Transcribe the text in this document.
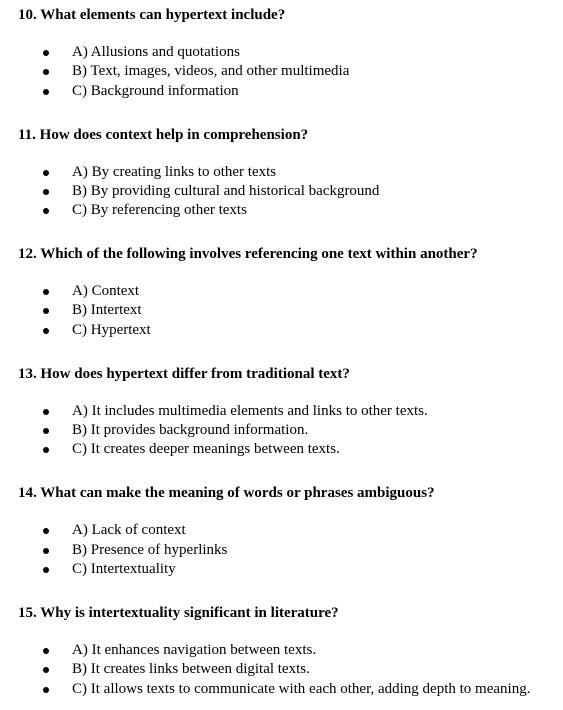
10. What elements can hypertext include?

A) Allusions and quotations
B) Text, images, videos, and other multimedia
C) Background information

11. How does context help in comprehension?

A) By creating links to other texts
B) By providing cultural and historical background
C) By referencing other texts

12. Which of the following involves referencing one text within another?

A) Context
B) Intertext
C) Hypertext

13. How does hypertext differ from traditional text?

A) It includes multimedia elements and links to other texts.
B) It provides background information.
C) It creates deeper meanings between texts.

14. What can make the meaning of words or phrases ambiguous?

A) Lack of context
B) Presence of hyperlinks
C) Intertextuality

15. Why is intertextuality significant in literature?

A) It enhances navigation between texts.
B) It creates links between digital texts.
C) It allows texts to communicate with each other, adding depth to meaning.
